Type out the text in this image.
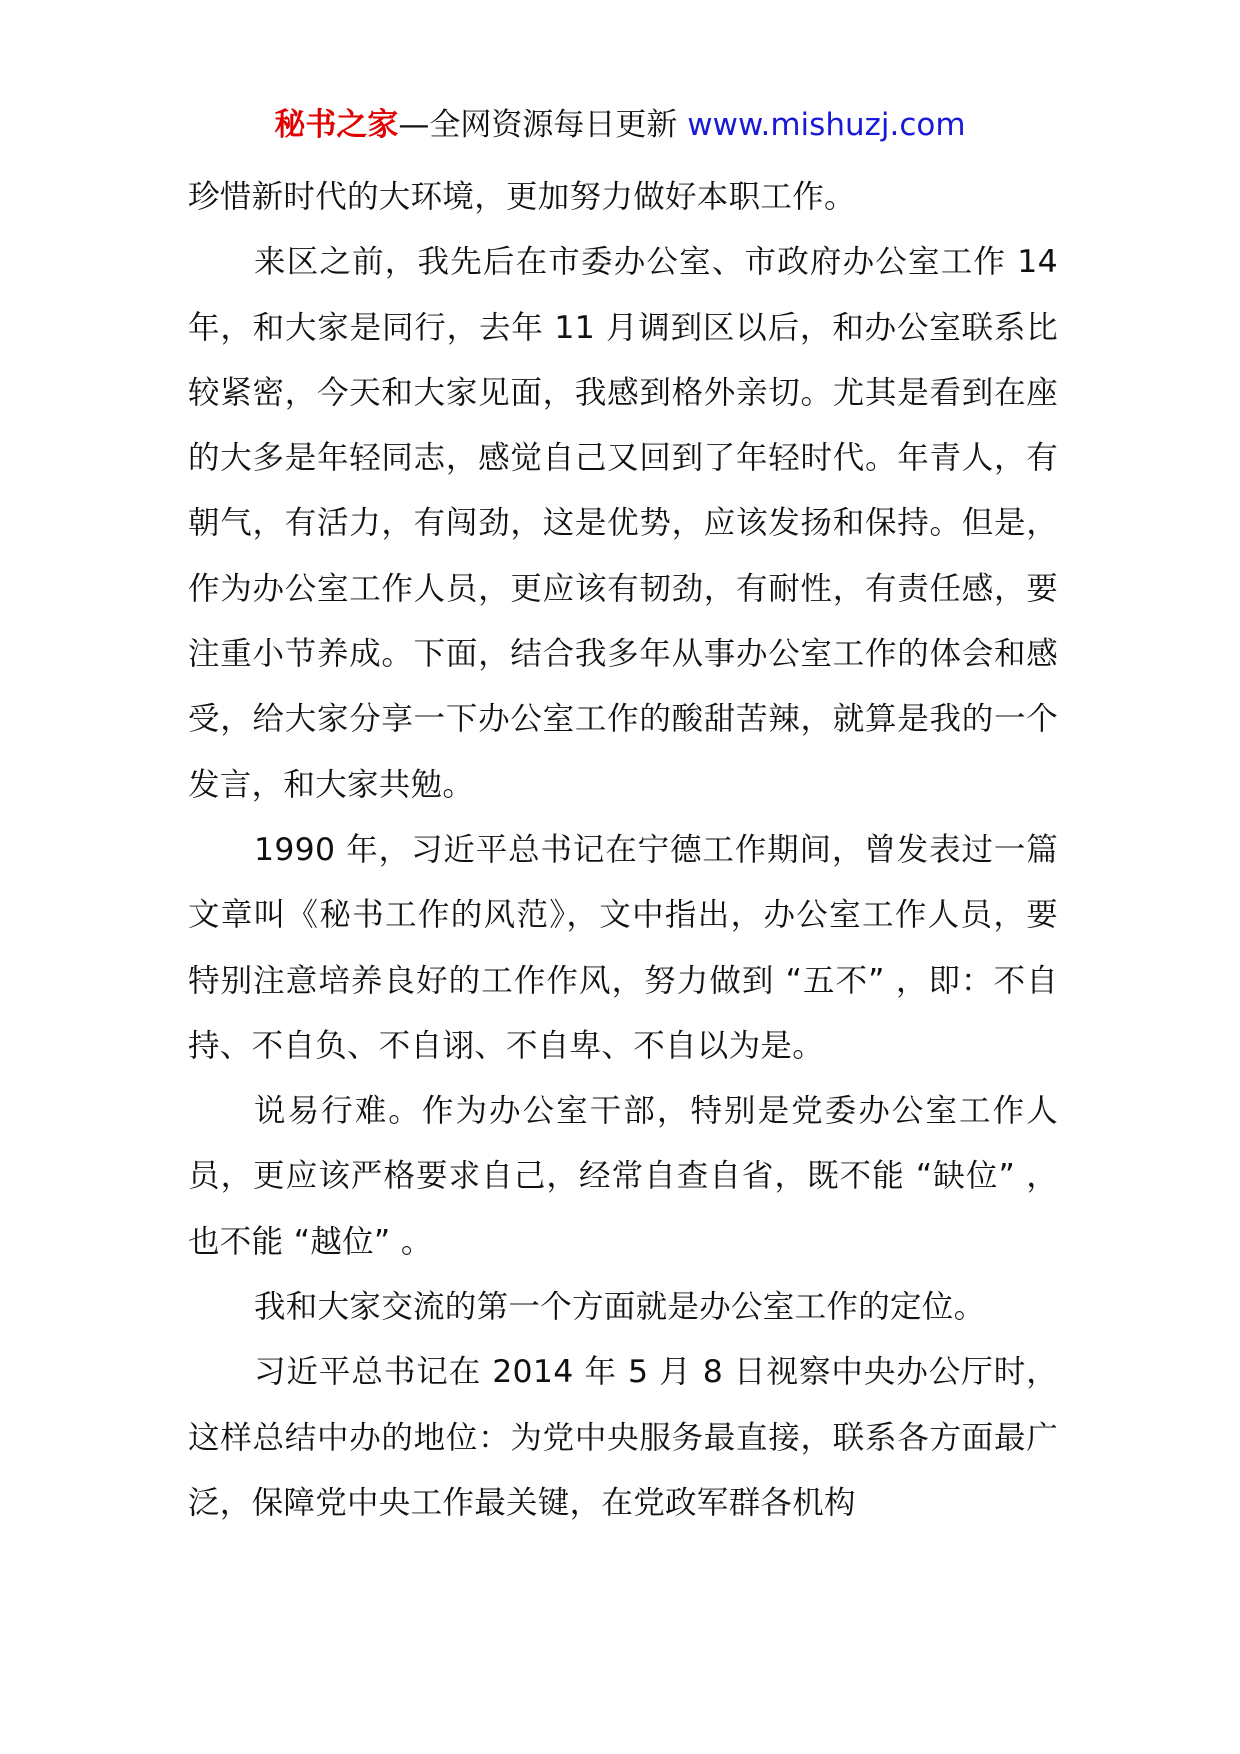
秘书之家—全网资源每日更新 www.mishuzj.com

珍惜新时代的大环境，更加努力做好本职工作。

来区之前，我先后在市委办公室、市政府办公室工作 14 年，和大家是同行，去年 11 月调到区以后，和办公室联系比较紧密，今天和大家见面，我感到格外亲切。尤其是看到在座的大多是年轻同志，感觉自己又回到了年轻时代。年青人，有朝气，有活力，有闯劲，这是优势，应该发扬和保持。但是，作为办公室工作人员，更应该有韧劲，有耐性，有责任感，要注重小节养成。下面，结合我多年从事办公室工作的体会和感受，给大家分享一下办公室工作的酸甜苦辣，就算是我的一个发言，和大家共勉。

1990 年，习近平总书记在宁德工作期间，曾发表过一篇文章叫《秘书工作的风范》，文中指出，办公室工作人员，要特别注意培养良好的工作作风，努力做到 “五不” ，即：不自持、不自负、不自诩、不自卑、不自以为是。

说易行难。作为办公室干部，特别是党委办公室工作人员，更应该严格要求自己，经常自查自省，既不能 “缺位” ，也不能 “越位” 。

我和大家交流的第一个方面就是办公室工作的定位。

习近平总书记在 2014 年 5 月 8 日视察中央办公厅时，这样总结中办的地位：为党中央服务最直接，联系各方面最广泛，保障党中央工作最关键，在党政军群各机构
